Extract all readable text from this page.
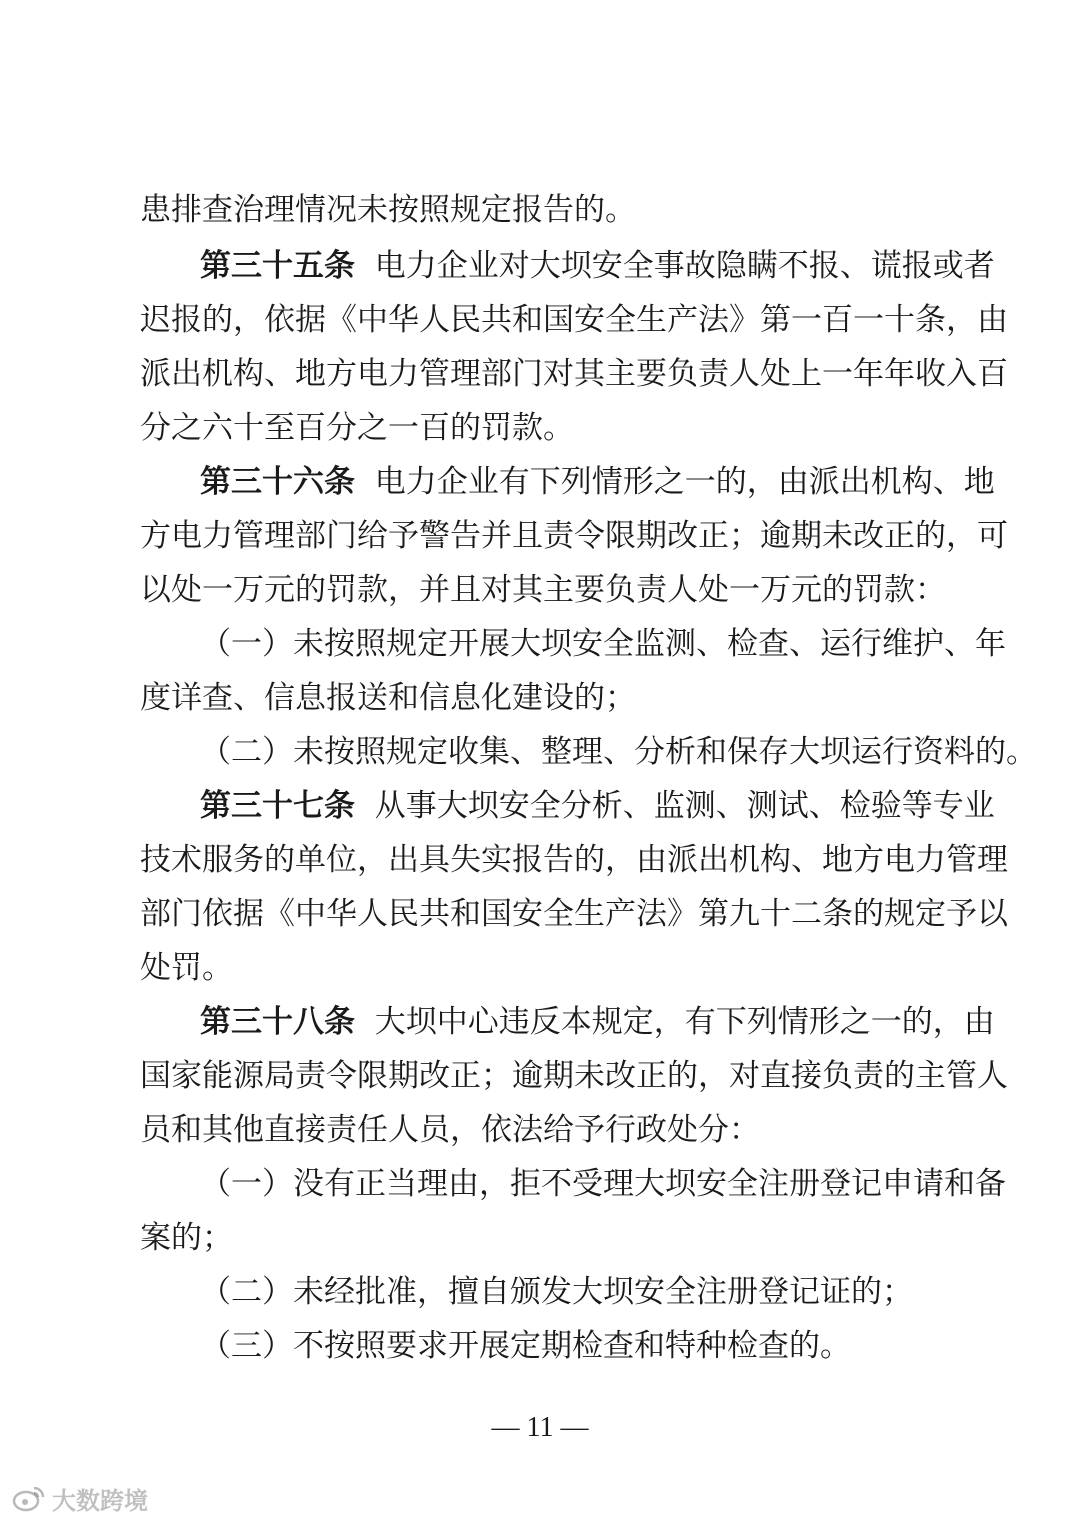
患排查治理情况未按照规定报告的。
第三十五条 电力企业对大坝安全事故隐瞒不报、谎报或者
迟报的，依据《中华人民共和国安全生产法》第一百一十条，由
派出机构、地方电力管理部门对其主要负责人处上一年年收入百
分之六十至百分之一百的罚款。
第三十六条 电力企业有下列情形之一的，由派出机构、地
方电力管理部门给予警告并且责令限期改正；逾期未改正的，可
以处一万元的罚款，并且对其主要负责人处一万元的罚款：
（一）未按照规定开展大坝安全监测、检查、运行维护、年
度详查、信息报送和信息化建设的；
（二）未按照规定收集、整理、分析和保存大坝运行资料的。
第三十七条 从事大坝安全分析、监测、测试、检验等专业
技术服务的单位，出具失实报告的，由派出机构、地方电力管理
部门依据《中华人民共和国安全生产法》第九十二条的规定予以
处罚。
第三十八条 大坝中心违反本规定，有下列情形之一的，由
国家能源局责令限期改正；逾期未改正的，对直接负责的主管人
员和其他直接责任人员，依法给予行政处分：
（一）没有正当理由，拒不受理大坝安全注册登记申请和备
案的；
（二）未经批准，擅自颁发大坝安全注册登记证的；
（三）不按照要求开展定期检查和特种检查的。
— 11 —
大数跨境
